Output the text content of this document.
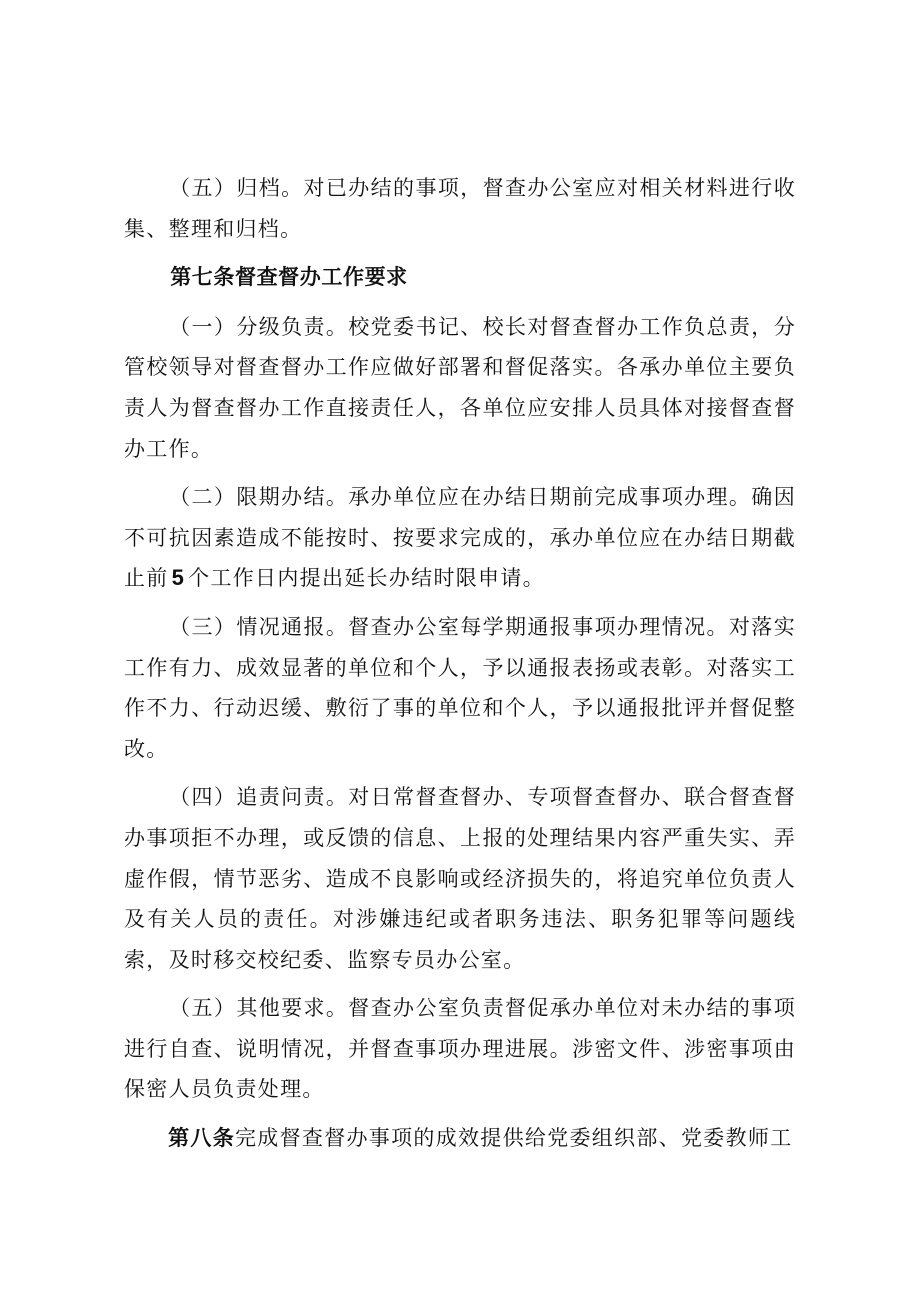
（五）归档。对已办结的事项，督查办公室应对相关材料进行收集、整理和归档。

第七条督查督办工作要求

（一）分级负责。校党委书记、校长对督查督办工作负总责，分管校领导对督查督办工作应做好部署和督促落实。各承办单位主要负责人为督查督办工作直接责任人，各单位应安排人员具体对接督查督办工作。

（二）限期办结。承办单位应在办结日期前完成事项办理。确因不可抗因素造成不能按时、按要求完成的，承办单位应在办结日期截止前 5 个工作日内提出延长办结时限申请。

（三）情况通报。督查办公室每学期通报事项办理情况。对落实工作有力、成效显著的单位和个人，予以通报表扬或表彰。对落实工作不力、行动迟缓、敷衍了事的单位和个人，予以通报批评并督促整改。

（四）追责问责。对日常督查督办、专项督查督办、联合督查督办事项拒不办理，或反馈的信息、上报的处理结果内容严重失实、弄虚作假，情节恶劣、造成不良影响或经济损失的，将追究单位负责人及有关人员的责任。对涉嫌违纪或者职务违法、职务犯罪等问题线索，及时移交校纪委、监察专员办公室。

（五）其他要求。督查办公室负责督促承办单位对未办结的事项进行自查、说明情况，并督查事项办理进展。涉密文件、涉密事项由保密人员负责处理。

第八条完成督查督办事项的成效提供给党委组织部、党委教师工
